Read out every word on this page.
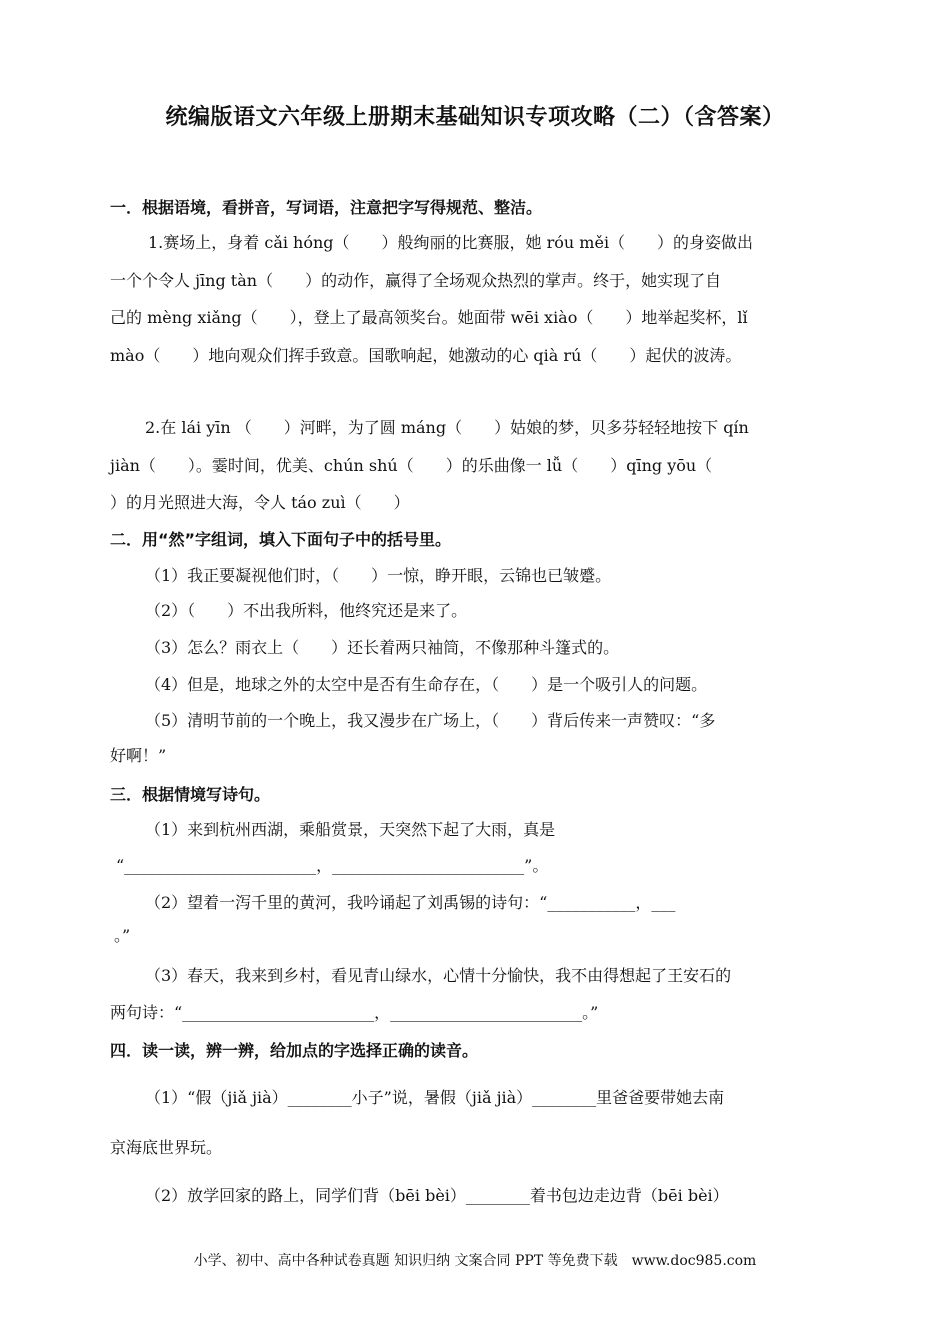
统编版语文六年级上册期末基础知识专项攻略（二）（含答案）
一．根据语境，看拼音，写词语，注意把字写得规范、整洁。
1.赛场上，身着 cǎi hóng（　　）般绚丽的比赛服，她 róu měi（　　）的身姿做出
一个个令人 jīng tàn（　　）的动作，赢得了全场观众热烈的掌声。终于，她实现了自
己的 mèng xiǎng（　　），登上了最高领奖台。她面带 wēi xiào（　　）地举起奖杯，lǐ
mào（　　）地向观众们挥手致意。国歌响起，她激动的心 qià rú（　　）起伏的波涛。
2.在 lái yīn （　　）河畔，为了圆 máng（　　）姑娘的梦，贝多芬轻轻地按下 qín
jiàn（　　）。霎时间，优美、chún shú（　　）的乐曲像一 lǚ（　　）qīng yōu（
）的月光照进大海，令人 táo zuì（　　）
二．用“然”字组词，填入下面句子中的括号里。
（1）我正要凝视他们时，（　　）一惊，睁开眼，云锦也已皱蹙。
（2）（　　）不出我所料，他终究还是来了。
（3）怎么？雨衣上（　　）还长着两只袖筒，不像那种斗篷式的。
（4）但是，地球之外的太空中是否有生命存在，（　　）是一个吸引人的问题。
（5）清明节前的一个晚上，我又漫步在广场上，（　　）背后传来一声赞叹：“多
好啊！”
三．根据情境写诗句。
（1）来到杭州西湖，乘船赏景，天突然下起了大雨，真是
“________________________，________________________”。
（2）望着一泻千里的黄河，我吟诵起了刘禹锡的诗句：“___________，___
。”
（3）春天，我来到乡村，看见青山绿水，心情十分愉快，我不由得想起了王安石的
两句诗：“________________________，________________________。”
四．读一读，辨一辨，给加点的字选择正确的读音。
（1）“假（jiǎ jià）________小子”说，暑假（jiǎ jià）________里爸爸要带她去南
京海底世界玩。
（2）放学回家的路上，同学们背（bēi bèi）________着书包边走边背（bēi bèi）
小学、初中、高中各种试卷真题 知识归纳 文案合同 PPT 等免费下载　www.doc985.com
